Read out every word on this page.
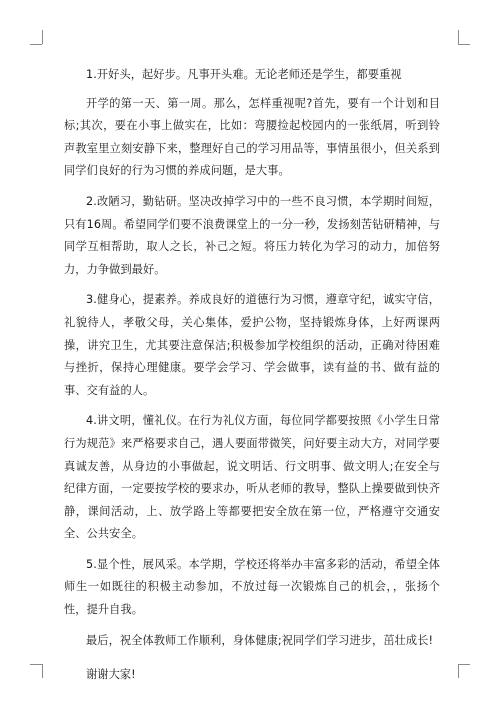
1.开好头，起好步。凡事开头难。无论老师还是学生，都要重视

开学的第一天、第一周。那么，怎样重视呢?首先，要有一个计划和目标;其次，要在小事上做实在，比如：弯腰捡起校园内的一张纸屑，听到铃声教室里立刻安静下来，整理好自己的学习用品等，事情虽很小，但关系到同学们良好的行为习惯的养成问题，是大事。

2.改陋习，勤钻研。坚决改掉学习中的一些不良习惯，本学期时间短，只有16周。希望同学们要不浪费课堂上的一分一秒，发扬刻苦钻研精神，与同学互相帮助，取人之长，补己之短。将压力转化为学习的动力，加倍努力，力争做到最好。

3.健身心，提素养。养成良好的道德行为习惯，遵章守纪，诚实守信，礼貌待人，孝敬父母，关心集体，爱护公物，坚持锻炼身体，上好两课两操，讲究卫生，尤其要注意保洁;积极参加学校组织的活动，正确对待困难与挫折，保持心理健康。要学会学习、学会做事，读有益的书、做有益的事、交有益的人。

4.讲文明，懂礼仪。在行为礼仪方面，每位同学都要按照《小学生日常行为规范》来严格要求自己，遇人要面带微笑，问好要主动大方，对同学要真诚友善，从身边的小事做起，说文明话、行文明事、做文明人;在安全与纪律方面，一定要按学校的要求办，听从老师的教导，整队上操要做到快齐静，课间活动，上、放学路上等都要把安全放在第一位，严格遵守交通安全、公共安全。

5.显个性，展风采。本学期，学校还将举办丰富多彩的活动，希望全体师生一如既往的积极主动参加，不放过每一次锻炼自己的机会，，张扬个性，提升自我。

最后，祝全体教师工作顺利，身体健康;祝同学们学习进步，茁壮成长!

谢谢大家!
